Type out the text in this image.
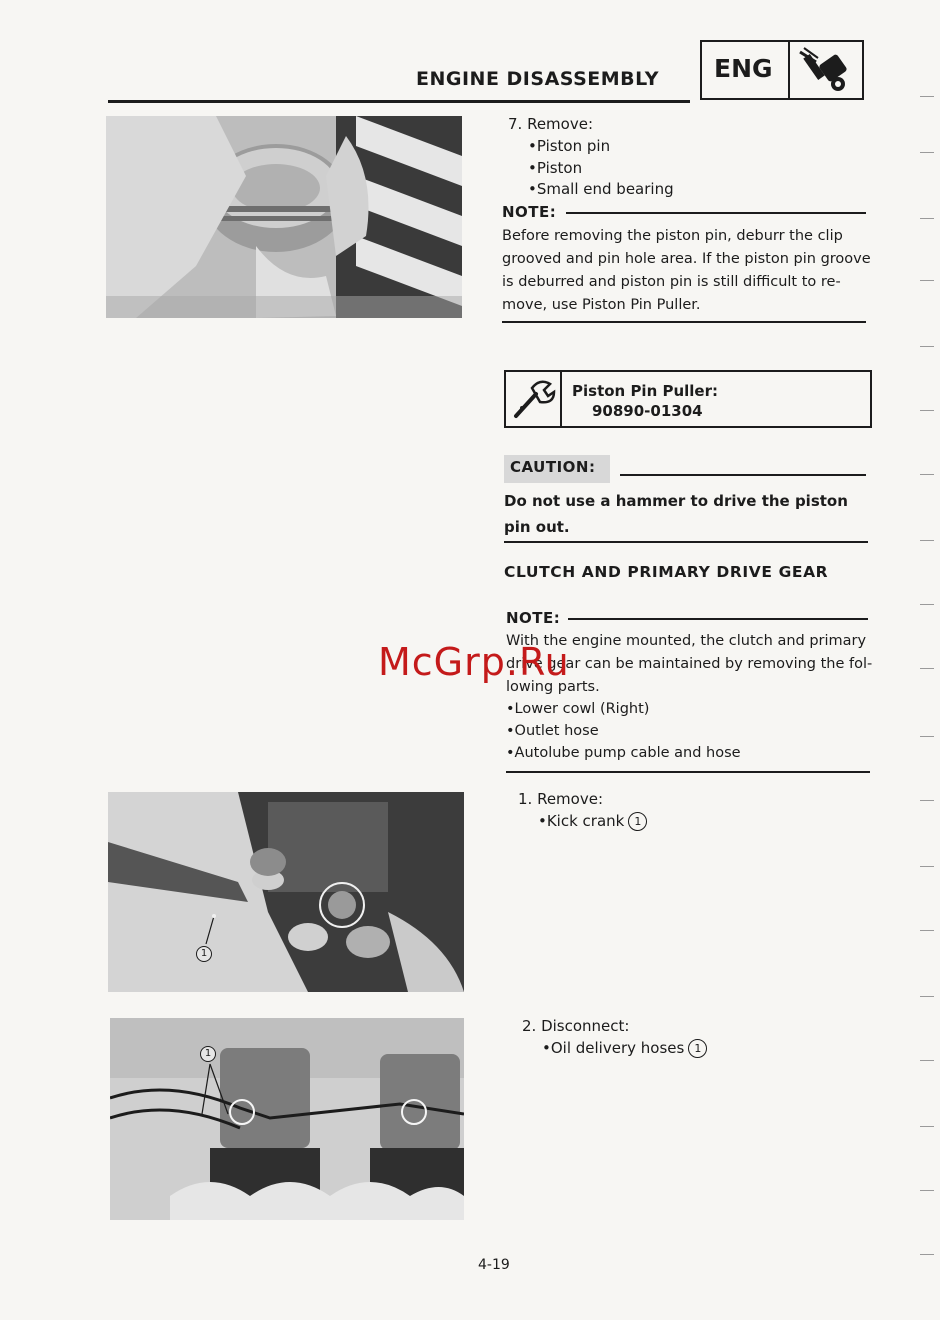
ENGINE DISASSEMBLY ENG
7. Remove:
•Piston pin
•Piston
•Small end bearing
NOTE:
Before removing the piston pin, deburr the clip
grooved and pin hole area. If the piston pin groove
is deburred and piston pin is still difficult to re-
move, use Piston Pin Puller.
Piston Pin Puller:
90890-01304
CAUTION:
Do not use a hammer to drive the piston pin out.
CLUTCH AND PRIMARY DRIVE GEAR
NOTE:
With the engine mounted, the clutch and primary
drive gear can be maintained by removing the fol-
lowing parts.
•Lower cowl (Right)
•Outlet hose
•Autolube pump cable and hose
McGrp.Ru
1
1. Remove:
•Kick crank 1
1
2. Disconnect:
•Oil delivery hoses 1
4-19
